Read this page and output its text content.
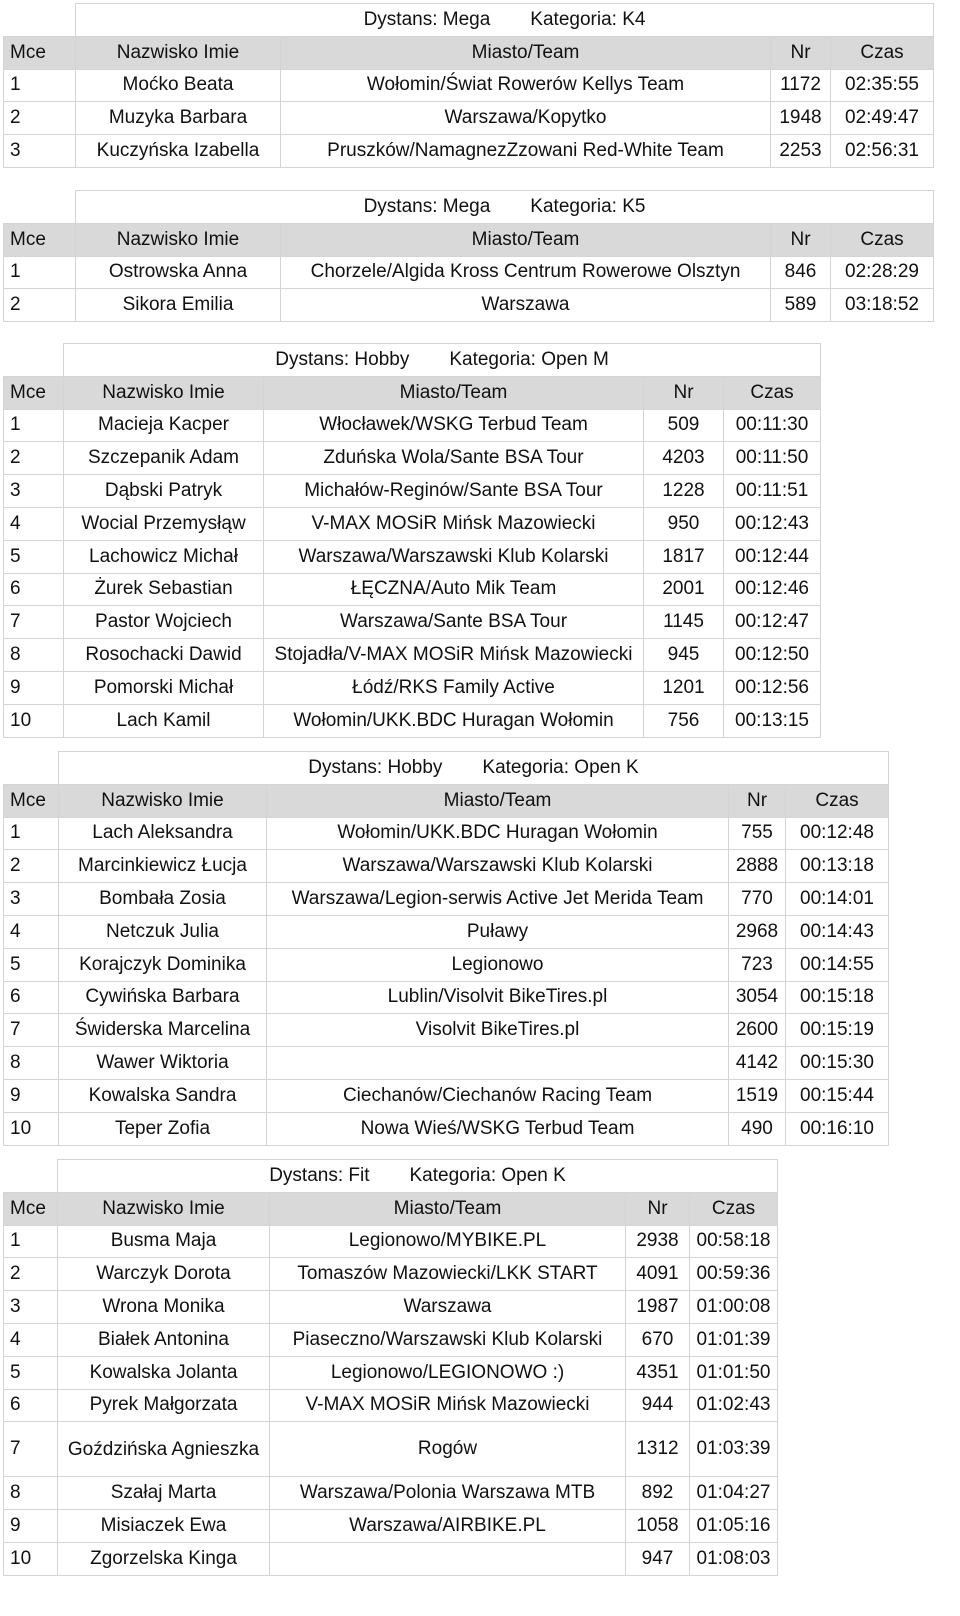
	Dystans: Mega Kategoria: K4			
Mce	Nazwisko Imie	Miasto/Team	Nr	Czas
1	Moćko Beata	Wołomin/Świat Rowerów Kellys Team	1172	02:35:55
2	Muzyka Barbara	Warszawa/Kopytko	1948	02:49:47
3	Kuczyńska Izabella	Pruszków/NamagnezZzowani Red-White Team	2253	02:56:31
	Dystans: Mega Kategoria: K5			
Mce	Nazwisko Imie	Miasto/Team	Nr	Czas
1	Ostrowska Anna	Chorzele/Algida Kross Centrum Rowerowe Olsztyn	846	02:28:29
2	Sikora Emilia	Warszawa	589	03:18:52
	Dystans: Hobby Kategoria: Open M			
Mce	Nazwisko Imie	Miasto/Team	Nr	Czas
1	Macieja Kacper	Włocławek/WSKG Terbud Team	509	00:11:30
2	Szczepanik Adam	Zduńska Wola/Sante BSA Tour	4203	00:11:50
3	Dąbski Patryk	Michałów-Reginów/Sante BSA Tour	1228	00:11:51
4	Wocial Przemysłąw	V-MAX MOSiR Mińsk Mazowiecki	950	00:12:43
5	Lachowicz Michał	Warszawa/Warszawski Klub Kolarski	1817	00:12:44
6	Żurek Sebastian	ŁĘCZNA/Auto Mik Team	2001	00:12:46
7	Pastor Wojciech	Warszawa/Sante BSA Tour	1145	00:12:47
8	Rosochacki Dawid	Stojadła/V-MAX MOSiR Mińsk Mazowiecki	945	00:12:50
9	Pomorski Michał	Łódź/RKS Family Active	1201	00:12:56
10	Lach Kamil	Wołomin/UKK.BDC Huragan Wołomin	756	00:13:15
	Dystans: Hobby Kategoria: Open K			
Mce	Nazwisko Imie	Miasto/Team	Nr	Czas
1	Lach Aleksandra	Wołomin/UKK.BDC Huragan Wołomin	755	00:12:48
2	Marcinkiewicz Łucja	Warszawa/Warszawski Klub Kolarski	2888	00:13:18
3	Bombała Zosia	Warszawa/Legion-serwis Active Jet Merida Team	770	00:14:01
4	Netczuk Julia	Puławy	2968	00:14:43
5	Korajczyk Dominika	Legionowo	723	00:14:55
6	Cywińska Barbara	Lublin/Visolvit BikeTires.pl	3054	00:15:18
7	Świderska Marcelina	Visolvit BikeTires.pl	2600	00:15:19
8	Wawer Wiktoria		4142	00:15:30
9	Kowalska Sandra	Ciechanów/Ciechanów Racing Team	1519	00:15:44
10	Teper Zofia	Nowa Wieś/WSKG Terbud Team	490	00:16:10
	Dystans: Fit Kategoria: Open K			
Mce	Nazwisko Imie	Miasto/Team	Nr	Czas
1	Busma Maja	Legionowo/MYBIKE.PL	2938	00:58:18
2	Warczyk Dorota	Tomaszów Mazowiecki/LKK START	4091	00:59:36
3	Wrona Monika	Warszawa	1987	01:00:08
4	Białek Antonina	Piaseczno/Warszawski Klub Kolarski	670	01:01:39
5	Kowalska Jolanta	Legionowo/LEGIONOWO :)	4351	01:01:50
6	Pyrek Małgorzata	V-MAX MOSiR Mińsk Mazowiecki	944	01:02:43
7	Goździńska Agnieszka	Rogów	1312	01:03:39
8	Szałaj Marta	Warszawa/Polonia Warszawa MTB	892	01:04:27
9	Misiaczek Ewa	Warszawa/AIRBIKE.PL	1058	01:05:16
10	Zgorzelska Kinga		947	01:08:03
